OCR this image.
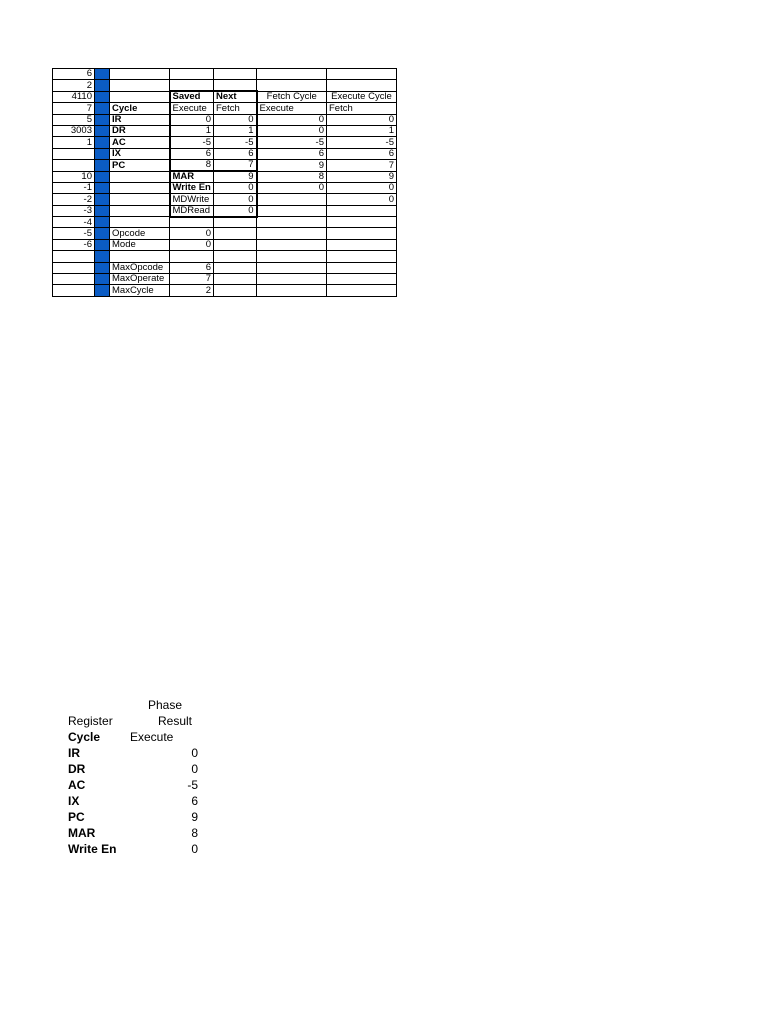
6						
2						
4110			Saved	Next	Fetch Cycle	Execute Cycle
7		Cycle	Execute	Fetch	Execute	Fetch
5		IR	0	0	0	0
3003		DR	1	1	0	1
1		AC	-5	-5	-5	-5
		IX	6	6	6	6
		PC	8	7	9	7
10			MAR	9	8	9
-1			Write En	0	0	0
-2			MDWrite	0		0
-3			MDRead	0		
-4						
-5		Opcode	0			
-6		Mode	0			

		MaxOpcode	6			
		MaxOperate	7			
		MaxCycle	2			
Phase
Register	Result
Cycle	Execute
IR	0
DR	0
AC	-5
IX	6
PC	9
MAR	8
Write En	0
